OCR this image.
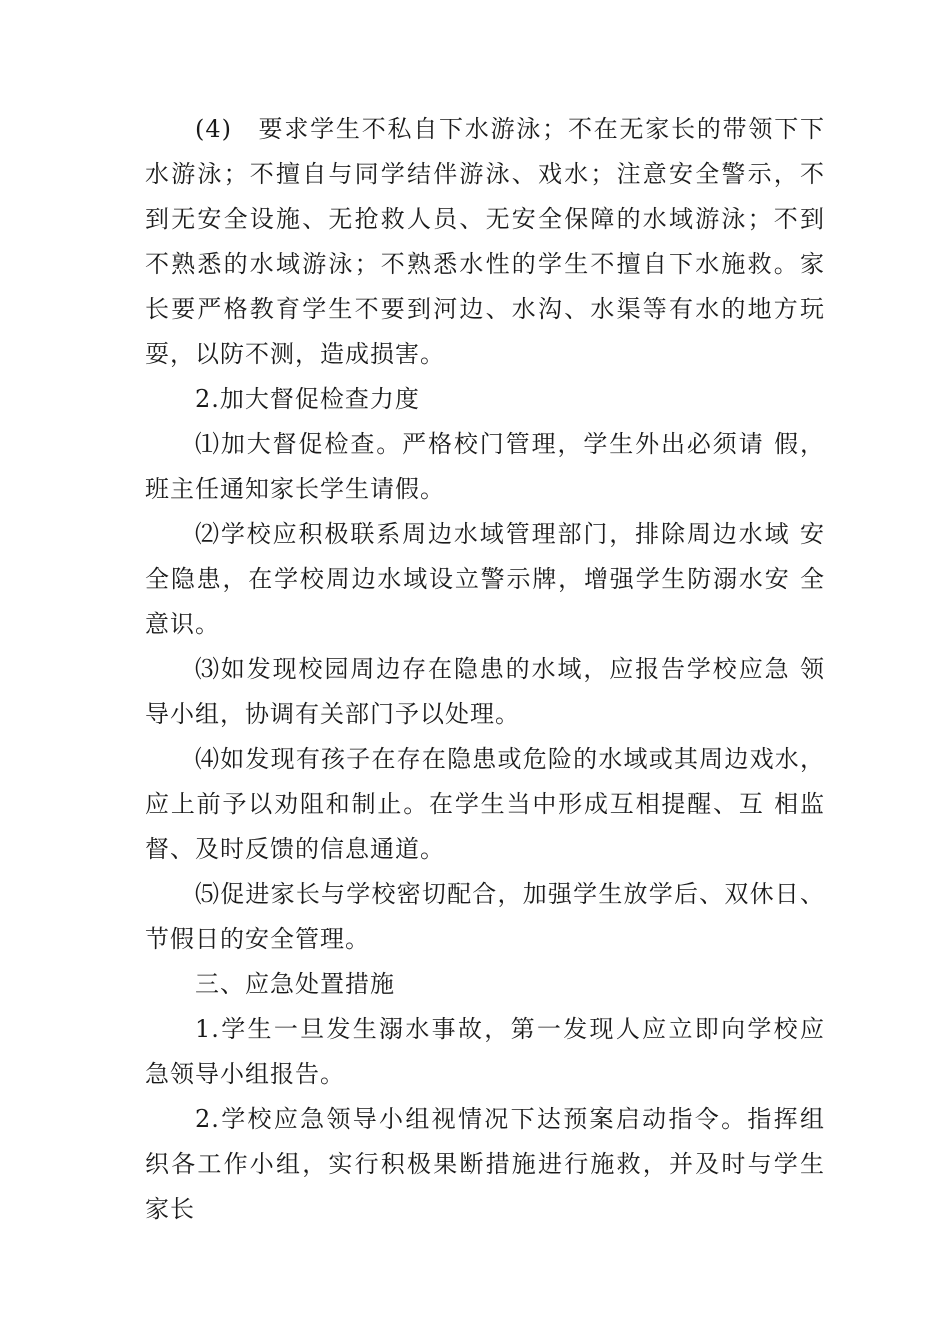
(4)　要求学生不私自下水游泳；不在无家长的带领下下水游泳；不擅自与同学结伴游泳、戏水；注意安全警示，不 到无安全设施、无抢救人员、无安全保障的水域游泳；不到 不熟悉的水域游泳；不熟悉水性的学生不擅自下水施救。家 长要严格教育学生不要到河边、水沟、水渠等有水的地方玩 耍，以防不测，造成损害。

2.加大督促检查力度

⑴加大督促检查。严格校门管理，学生外出必须请 假，班主任通知家长学生请假。

⑵学校应积极联系周边水域管理部门，排除周边水域 安全隐患，在学校周边水域设立警示牌，增强学生防溺水安 全意识。

⑶如发现校园周边存在隐患的水域，应报告学校应急 领导小组，协调有关部门予以处理。

⑷如发现有孩子在存在隐患或危险的水域或其周边戏水，应上前予以劝阻和制止。在学生当中形成互相提醒、互 相监督、及时反馈的信息通道。

⑸促进家长与学校密切配合，加强学生放学后、双休日、节假日的安全管理。

三、应急处置措施

1.学生一旦发生溺水事故，第一发现人应立即向学校应 急领导小组报告。

2.学校应急领导小组视情况下达预案启动指令。指挥组 织各工作小组，实行积极果断措施进行施救，并及时与学生 家长
